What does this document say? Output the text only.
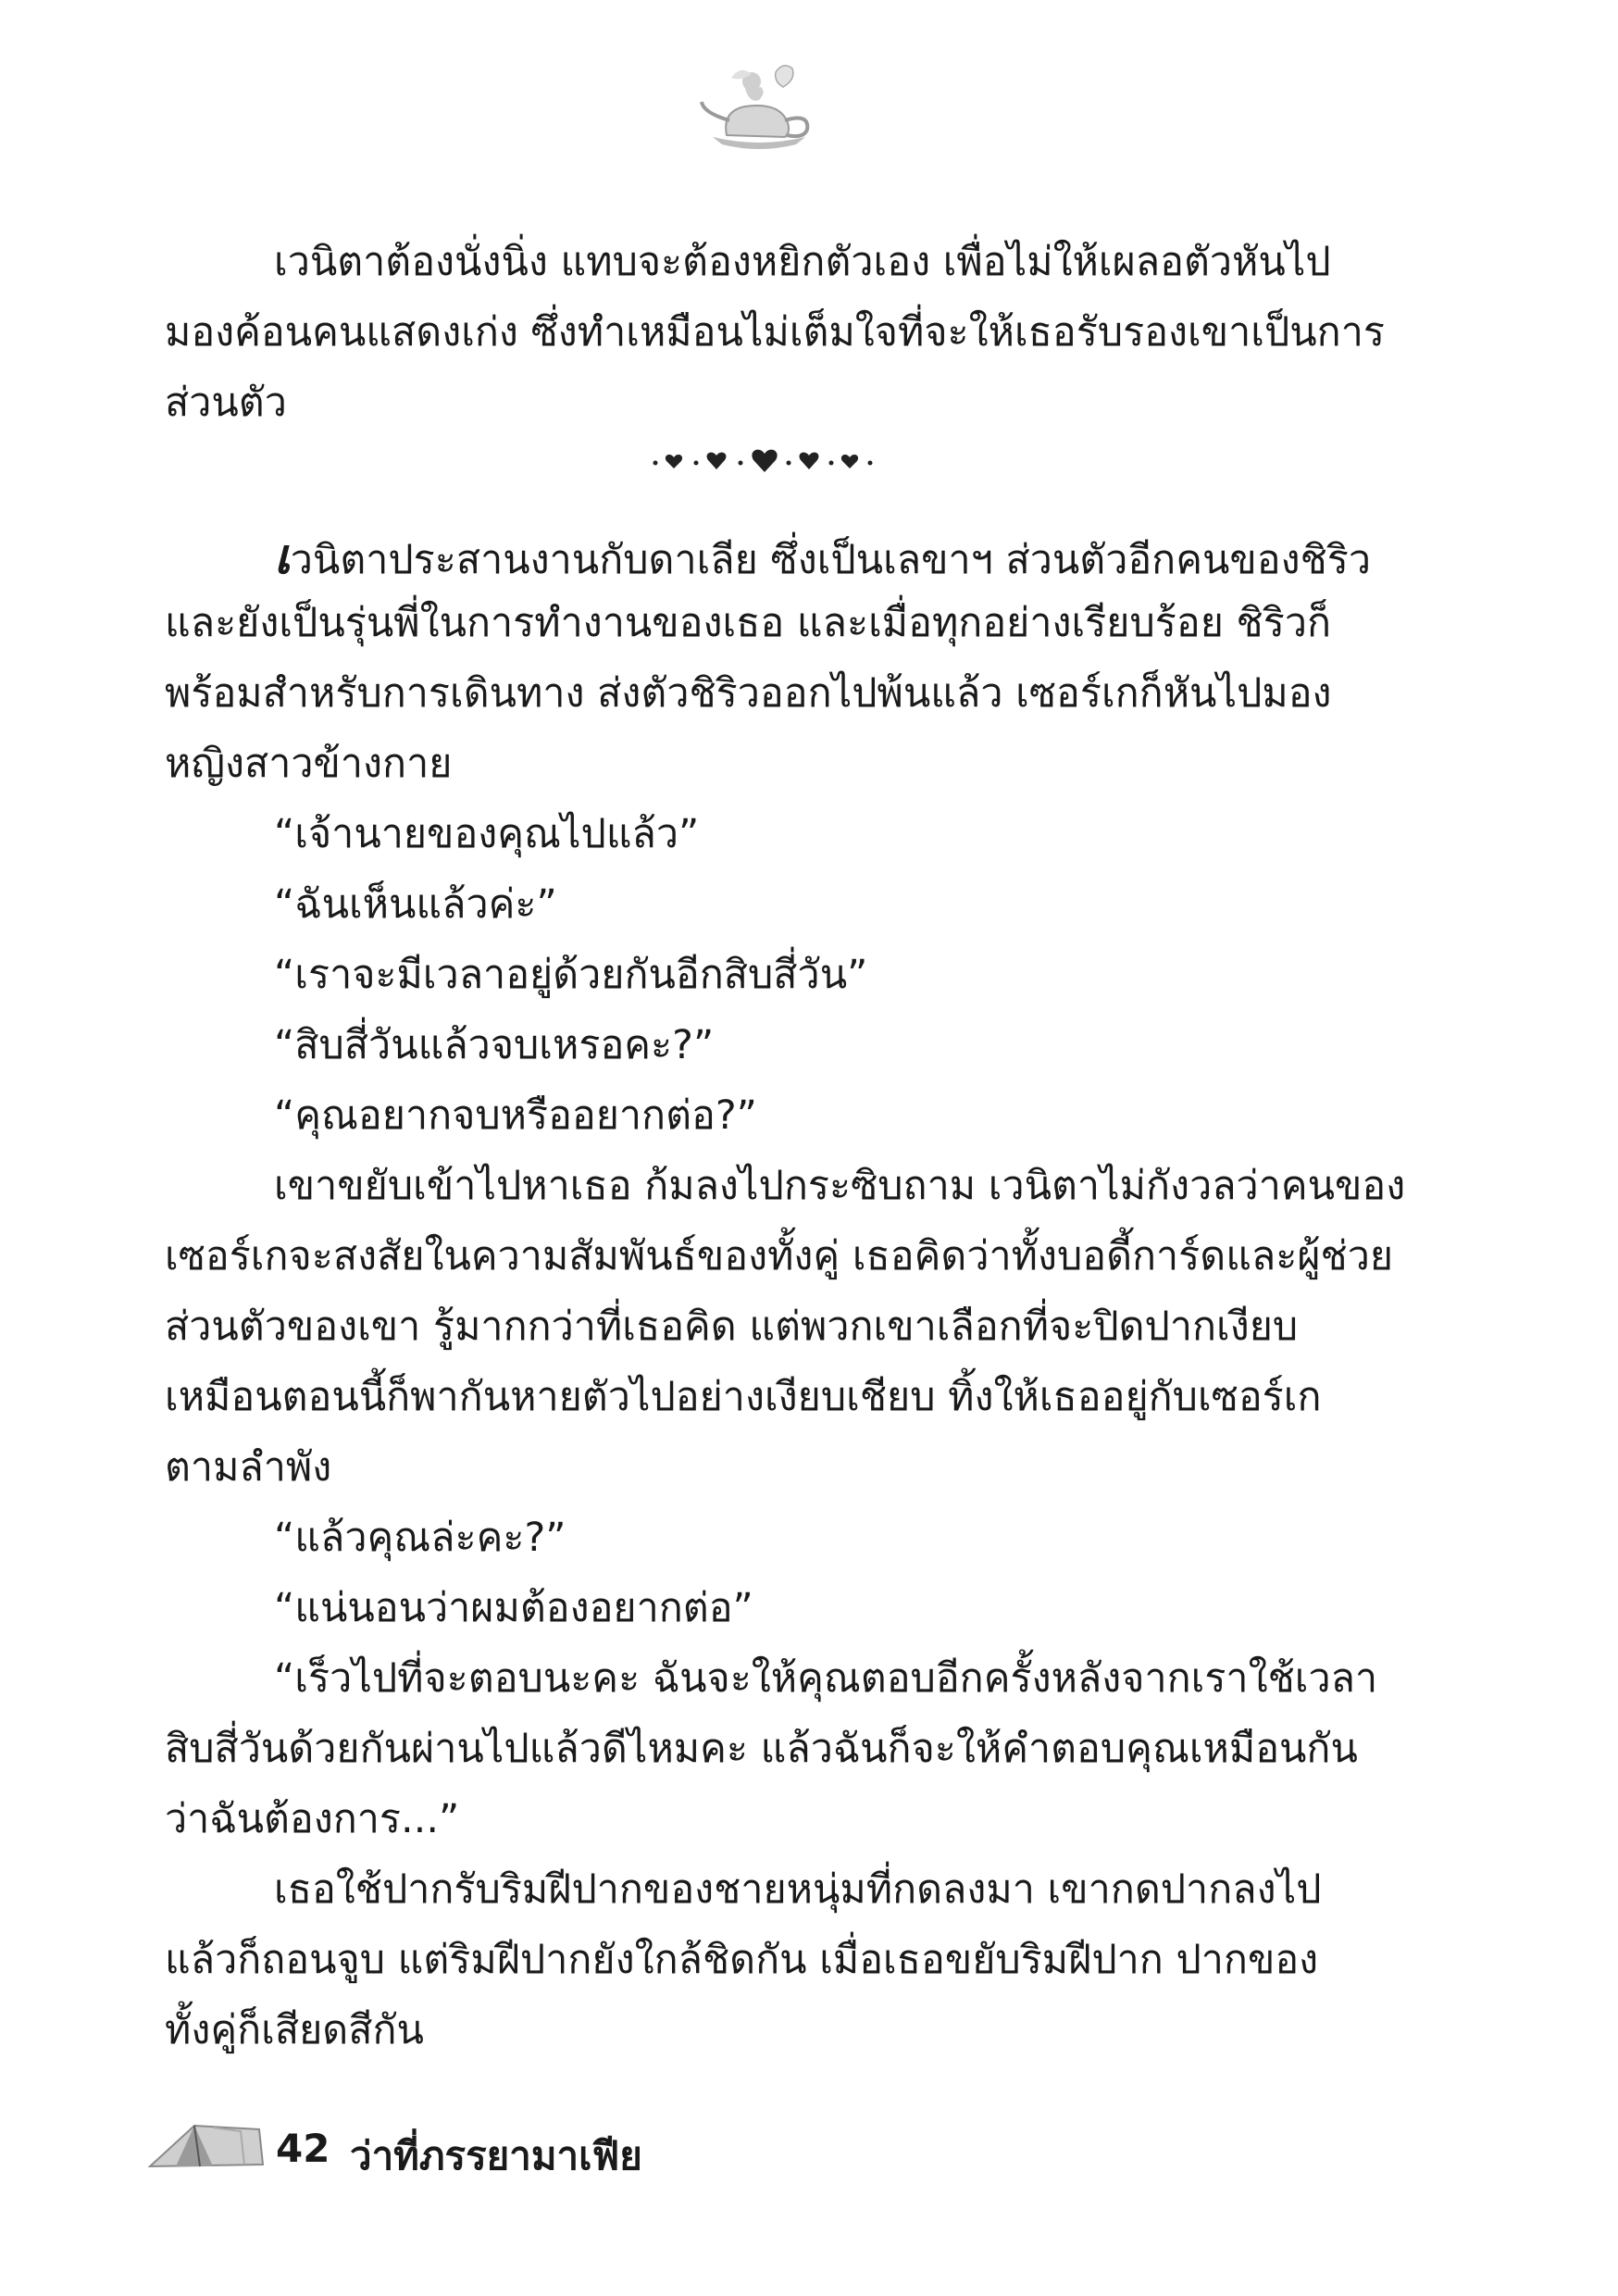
เวนิตาต้องนั่งนิ่ง แทบจะต้องหยิกตัวเอง เพื่อไม่ให้เผลอตัวหันไป
มองค้อนคนแสดงเก่ง ซึ่งทำเหมือนไม่เต็มใจที่จะให้เธอรับรองเขาเป็นการ
ส่วนตัว
เวนิตาประสานงานกับดาเลีย ซึ่งเป็นเลขาฯ ส่วนตัวอีกคนของชิริว
และยังเป็นรุ่นพี่ในการทำงานของเธอ และเมื่อทุกอย่างเรียบร้อย ชิริวก็
พร้อมสำหรับการเดินทาง ส่งตัวชิริวออกไปพ้นแล้ว เซอร์เกก็หันไปมอง
หญิงสาวข้างกาย
“เจ้านายของคุณไปแล้ว”
“ฉันเห็นแล้วค่ะ”
“เราจะมีเวลาอยู่ด้วยกันอีกสิบสี่วัน”
“สิบสี่วันแล้วจบเหรอคะ?”
“คุณอยากจบหรืออยากต่อ?”
เขาขยับเข้าไปหาเธอ ก้มลงไปกระซิบถาม เวนิตาไม่กังวลว่าคนของ
เซอร์เกจะสงสัยในความสัมพันธ์ของทั้งคู่ เธอคิดว่าทั้งบอดี้การ์ดและผู้ช่วย
ส่วนตัวของเขา รู้มากกว่าที่เธอคิด แต่พวกเขาเลือกที่จะปิดปากเงียบ
เหมือนตอนนี้ก็พากันหายตัวไปอย่างเงียบเชียบ ทิ้งให้เธออยู่กับเซอร์เก
ตามลำพัง
“แล้วคุณล่ะคะ?”
“แน่นอนว่าผมต้องอยากต่อ”
“เร็วไปที่จะตอบนะคะ ฉันจะให้คุณตอบอีกครั้งหลังจากเราใช้เวลา
สิบสี่วันด้วยกันผ่านไปแล้วดีไหมคะ แล้วฉันก็จะให้คำตอบคุณเหมือนกัน
ว่าฉันต้องการ...”
เธอใช้ปากรับริมฝีปากของชายหนุ่มที่กดลงมา เขากดปากลงไป
แล้วก็ถอนจูบ แต่ริมฝีปากยังใกล้ชิดกัน เมื่อเธอขยับริมฝีปาก ปากของ
ทั้งคู่ก็เสียดสีกัน
42 ว่าที่ภรรยามาเฟีย
